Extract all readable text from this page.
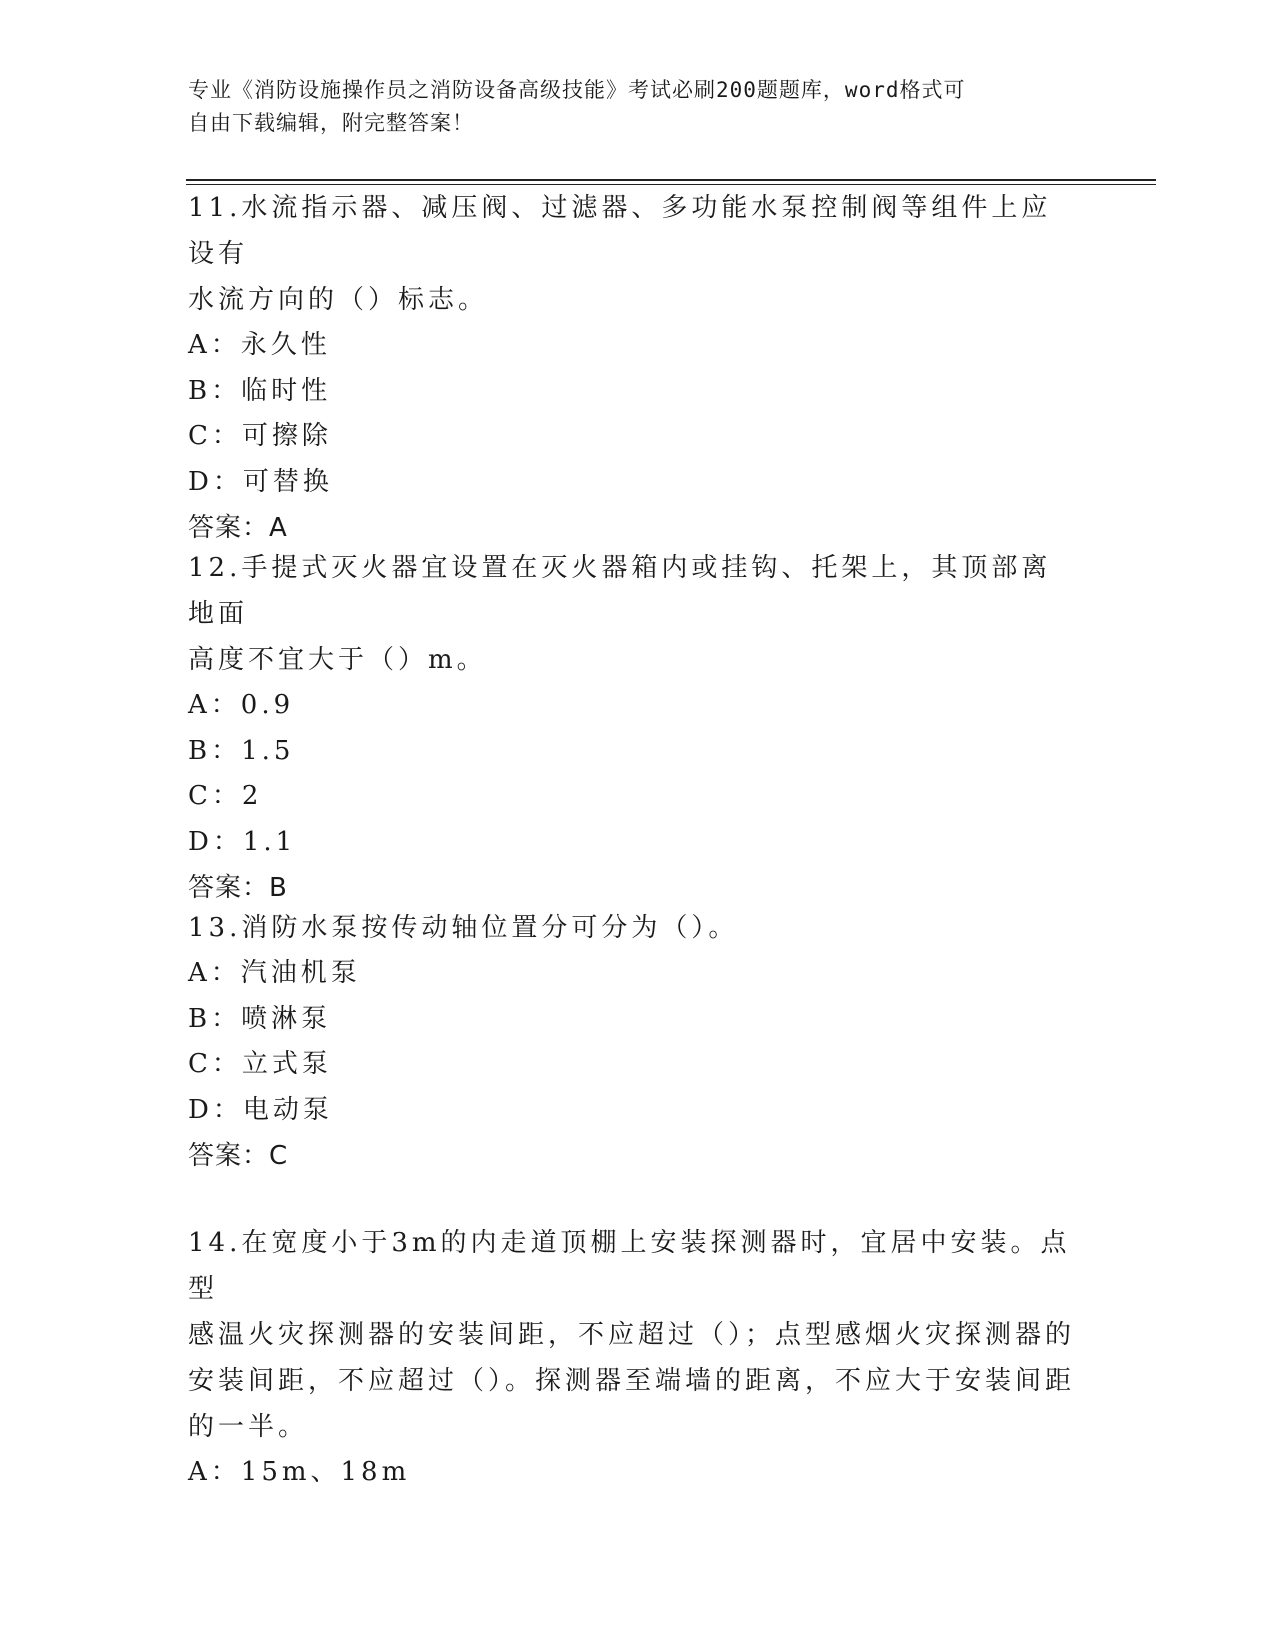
专业《消防设施操作员之消防设备高级技能》考试必刷200题题库，word格式可
自由下载编辑，附完整答案！
11.水流指示器、减压阀、过滤器、多功能水泵控制阀等组件上应设有
水流方向的（）标志。
A：永久性
B：临时性
C：可擦除
D：可替换
答案：A
12.手提式灭火器宜设置在灭火器箱内或挂钩、托架上，其顶部离地面
高度不宜大于（）m。
A：0.9
B：1.5
C：2
D：1.1
答案：B
13.消防水泵按传动轴位置分可分为（）。
A：汽油机泵
B：喷淋泵
C：立式泵
D：电动泵
答案：C
14.在宽度小于3m的内走道顶棚上安装探测器时，宜居中安装。点型
感温火灾探测器的安装间距，不应超过（）；点型感烟火灾探测器的
安装间距，不应超过（）。探测器至端墙的距离，不应大于安装间距
的一半。
A：15m、18m
